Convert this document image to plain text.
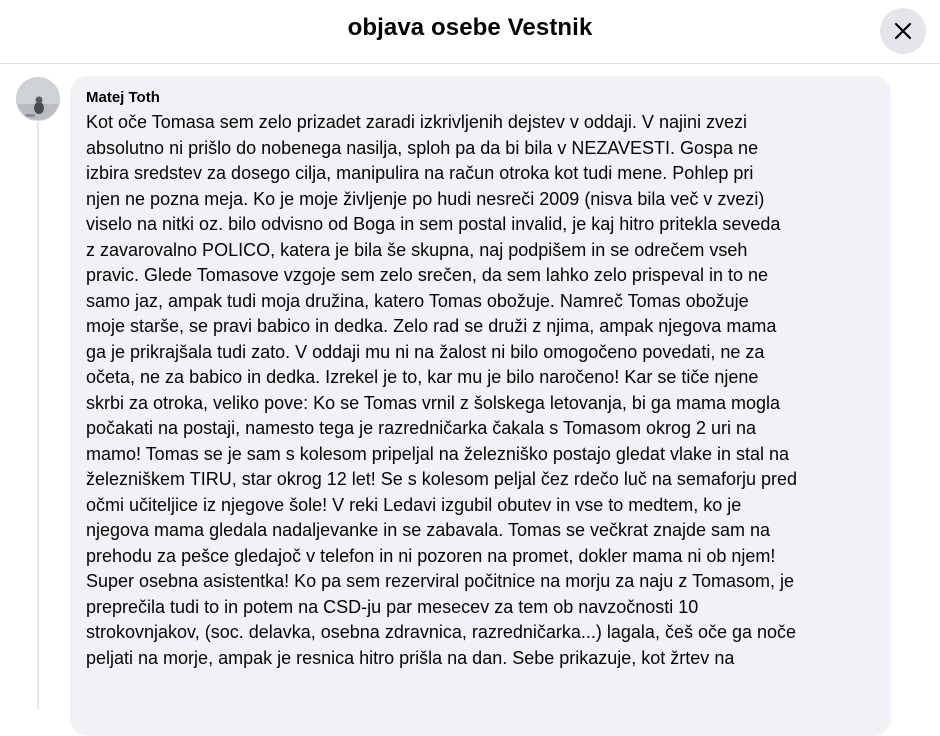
objava osebe Vestnik
Matej Toth
Kot oče Tomasa sem zelo prizadet zaradi izkrivljenih dejstev v oddaji. V najini zvezi
absolutno ni prišlo do nobenega nasilja, sploh pa da bi bila v NEZAVESTI. Gospa ne
izbira sredstev za dosego cilja, manipulira na račun otroka kot tudi mene. Pohlep pri
njen ne pozna meja. Ko je moje življenje po hudi nesreči 2009 (nisva bila več v zvezi)
viselo na nitki oz. bilo odvisno od Boga in sem postal invalid, je kaj hitro pritekla seveda
z zavarovalno POLICO, katera je bila še skupna, naj podpišem in se odrečem vseh
pravic. Glede Tomasove vzgoje sem zelo srečen, da sem lahko zelo prispeval in to ne
samo jaz, ampak tudi moja družina, katero Tomas obožuje. Namreč Tomas obožuje
moje starše, se pravi babico in dedka. Zelo rad se druži z njima, ampak njegova mama
ga je prikrajšala tudi zato. V oddaji mu ni na žalost ni bilo omogočeno povedati, ne za
očeta, ne za babico in dedka. Izrekel je to, kar mu je bilo naročeno! Kar se tiče njene
skrbi za otroka, veliko pove: Ko se Tomas vrnil z šolskega letovanja, bi ga mama mogla
počakati na postaji, namesto tega je razredničarka čakala s Tomasom okrog 2 uri na
mamo! Tomas se je sam s kolesom pripeljal na železniško postajo gledat vlake in stal na
železniškem TIRU, star okrog 12 let! Se s kolesom peljal čez rdečo luč na semaforju pred
očmi učiteljice iz njegove šole! V reki Ledavi izgubil obutev in vse to medtem, ko je
njegova mama gledala nadaljevanke in se zabavala. Tomas se večkrat znajde sam na
prehodu za pešce gledajoč v telefon in ni pozoren na promet, dokler mama ni ob njem!
Super osebna asistentka! Ko pa sem rezerviral počitnice na morju za naju z Tomasom, je
preprečila tudi to in potem na CSD-ju par mesecev za tem ob navzočnosti 10
strokovnjakov, (soc. delavka, osebna zdravnica, razredničarka...) lagala, češ oče ga noče
peljati na morje, ampak je resnica hitro prišla na dan. Sebe prikazuje, kot žrtev na
